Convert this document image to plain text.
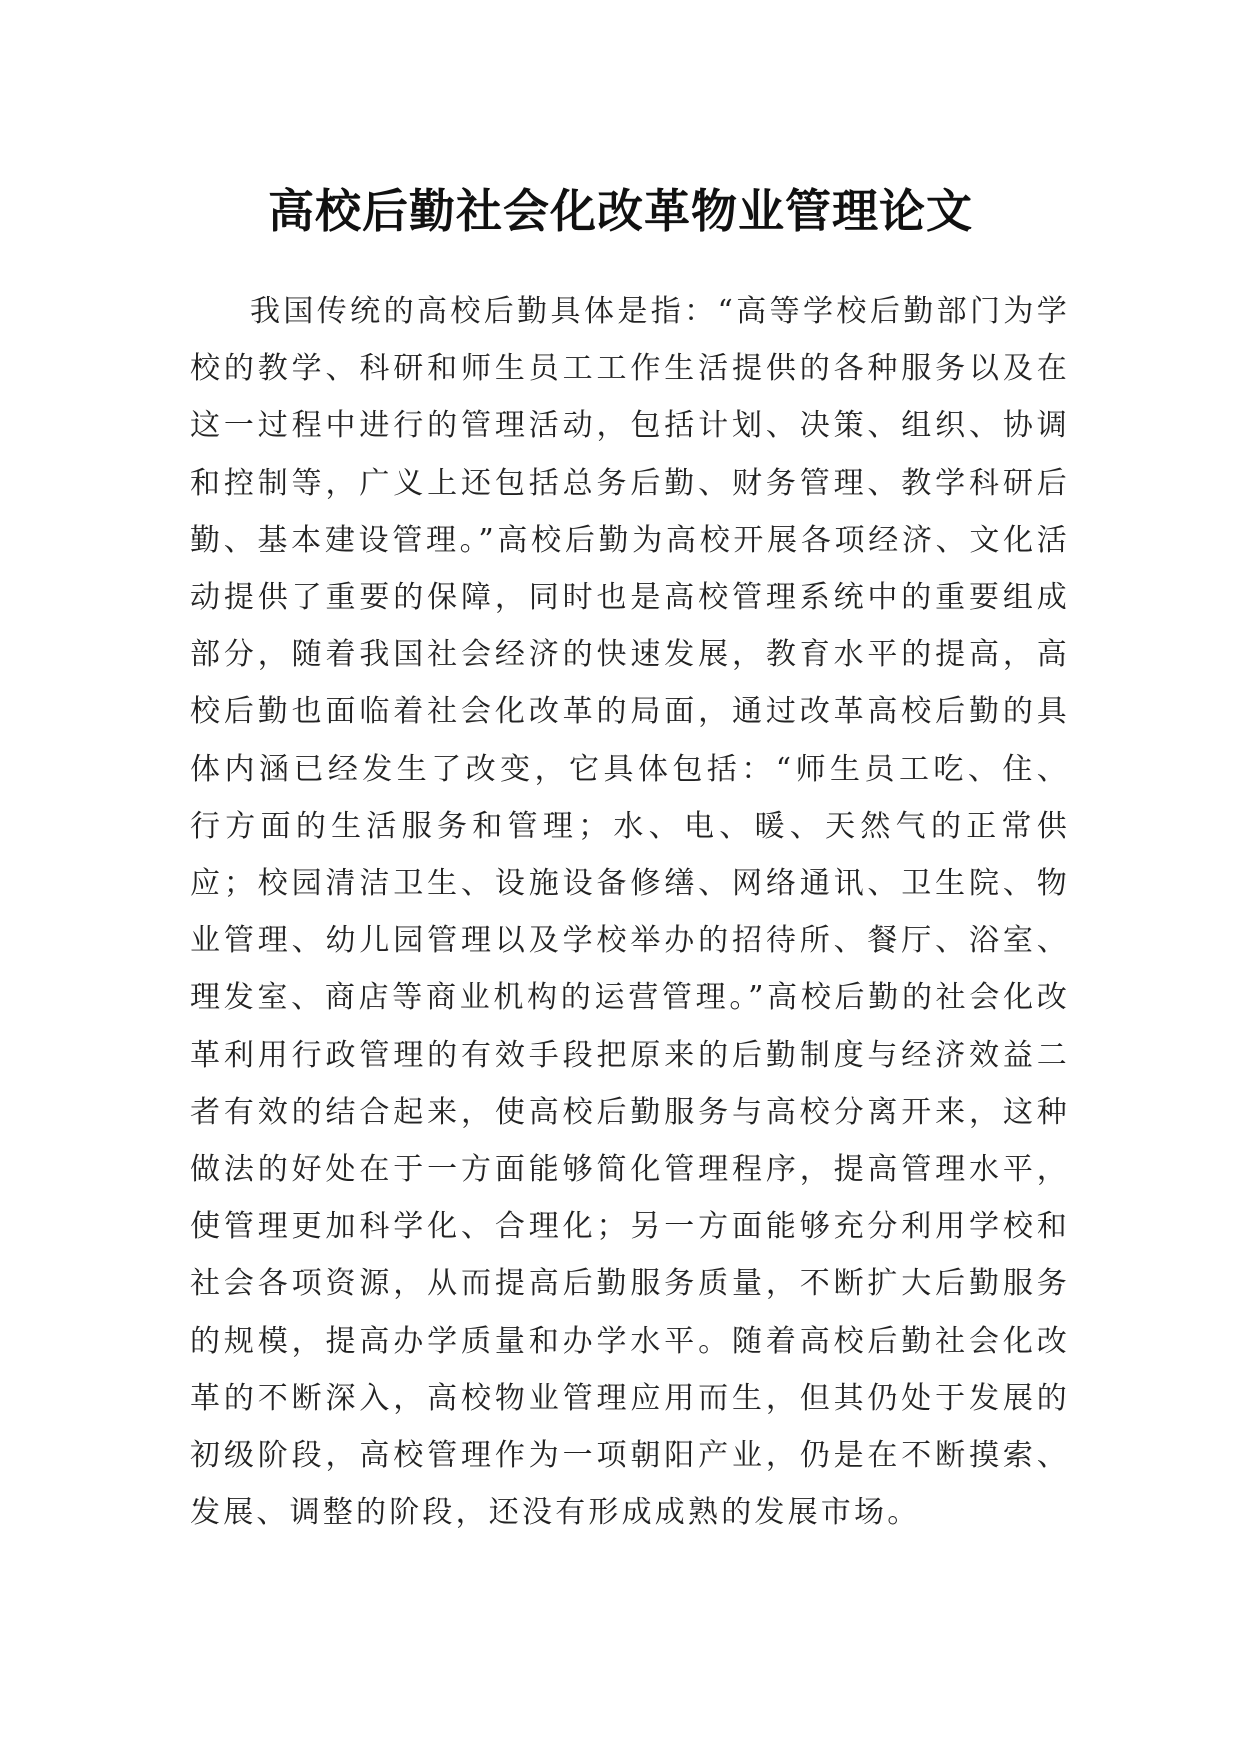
高校后勤社会化改革物业管理论文

我国传统的高校后勤具体是指：“高等学校后勤部门为学校的教学、科研和师生员工工作生活提供的各种服务以及在这一过程中进行的管理活动，包括计划、决策、组织、协调和控制等，广义上还包括总务后勤、财务管理、教学科研后勤、基本建设管理。”高校后勤为高校开展各项经济、文化活动提供了重要的保障，同时也是高校管理系统中的重要组成部分，随着我国社会经济的快速发展，教育水平的提高，高校后勤也面临着社会化改革的局面，通过改革高校后勤的具体内涵已经发生了改变，它具体包括：“师生员工吃、住、行方面的生活服务和管理；水、电、暖、天然气的正常供应；校园清洁卫生、设施设备修缮、网络通讯、卫生院、物业管理、幼儿园管理以及学校举办的招待所、餐厅、浴室、理发室、商店等商业机构的运营管理。”高校后勤的社会化改革利用行政管理的有效手段把原来的后勤制度与经济效益二者有效的结合起来，使高校后勤服务与高校分离开来，这种做法的好处在于一方面能够简化管理程序，提高管理水平，使管理更加科学化、合理化；另一方面能够充分利用学校和社会各项资源，从而提高后勤服务质量，不断扩大后勤服务的规模，提高办学质量和办学水平。随着高校后勤社会化改革的不断深入，高校物业管理应用而生，但其仍处于发展的初级阶段，高校管理作为一项朝阳产业，仍是在不断摸索、发展、调整的阶段，还没有形成成熟的发展市场。
